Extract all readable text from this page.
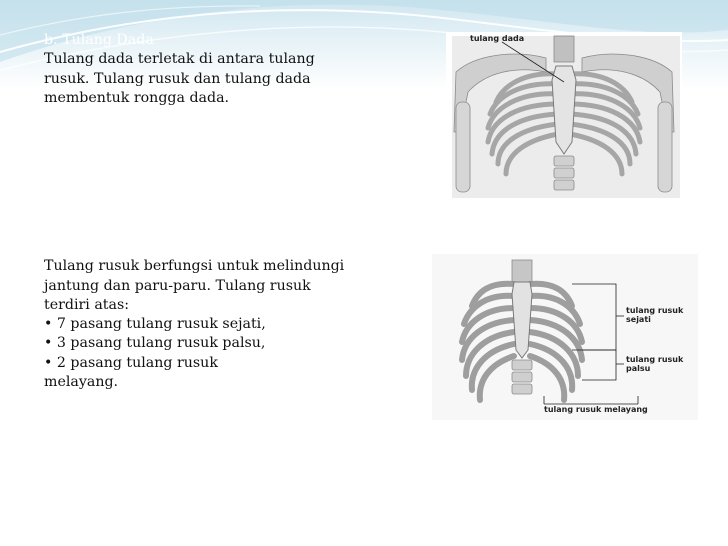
b. Tulang Dada
Tulang dada terletak di antara tulang
rusuk. Tulang rusuk dan tulang dada
membentuk rongga dada.
c. Tulang Rusuk
Tulang rusuk berfungsi untuk melindungi
jantung dan paru-paru. Tulang rusuk
terdiri atas:
• 7 pasang tulang rusuk sejati,
• 3 pasang tulang rusuk palsu,
• 2 pasang tulang rusuk
melayang.
tulang dada
tulang rusuk
sejati
tulang rusuk
palsu
tulang rusuk melayang
